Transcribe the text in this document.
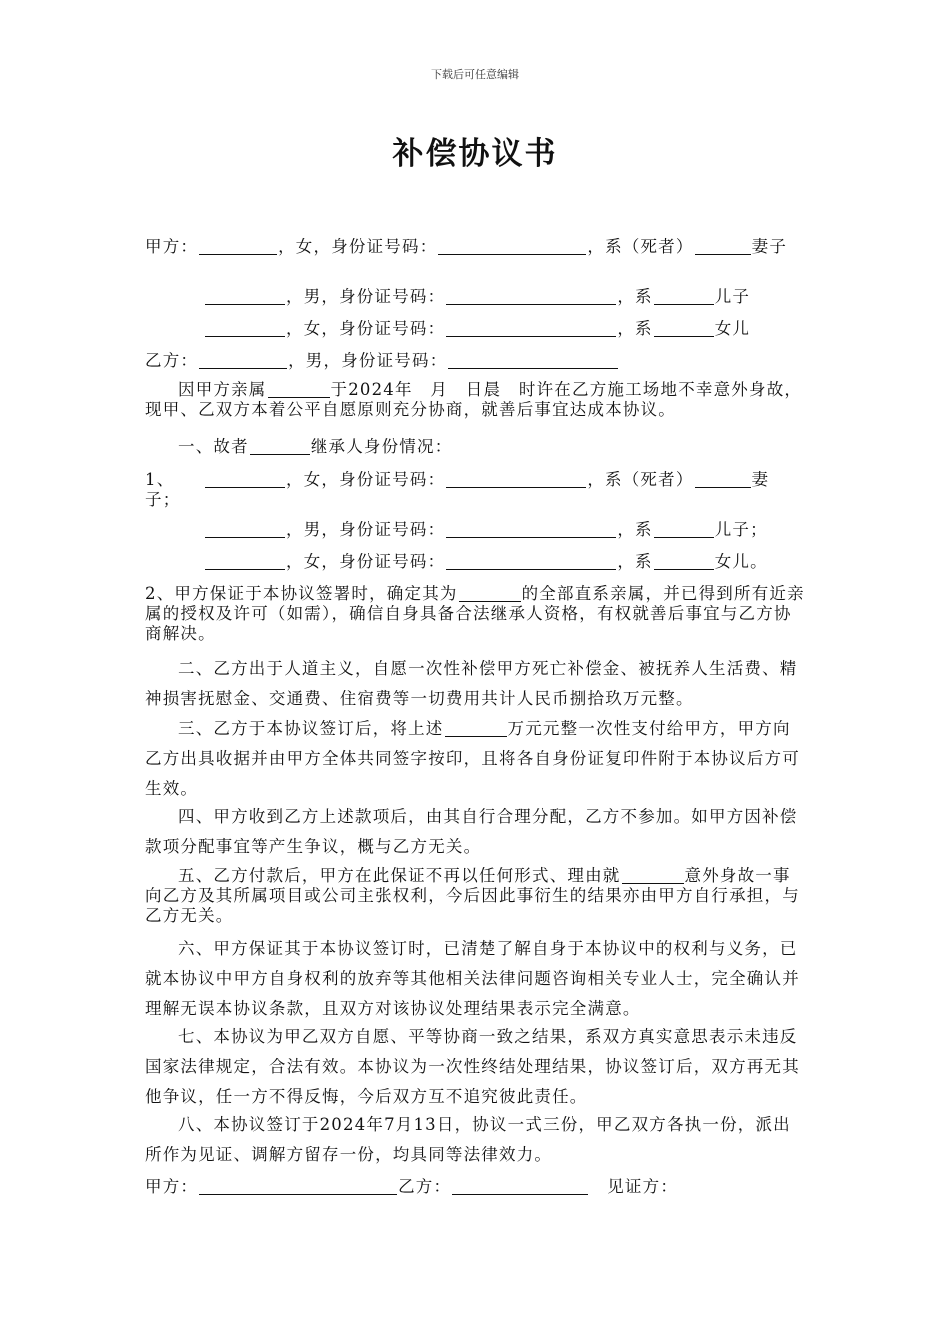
下载后可任意编辑
补偿协议书
甲方：	，女，身份证号码：	，系（死者）	妻子
，男，身份证号码：	，系	儿子
，女，身份证号码：	，系	女儿
乙方：	，男，身份证号码：
因甲方亲属	于2024年　月　日晨　时许在乙方施工场地不幸意外身故，现甲、乙双方本着公平自愿原则充分协商，就善后事宜达成本协议。
一、故者	继承人身份情况：
1、	，女，身份证号码：	，系（死者）	妻
子；
，男，身份证号码：	，系	儿子；
，女，身份证号码：	，系	女儿。
2、甲方保证于本协议签署时，确定其为	的全部直系亲属，并已得到所有近亲属的授权及许可（如需），确信自身具备合法继承人资格，有权就善后事宜与乙方协商解决。
二、乙方出于人道主义，自愿一次性补偿甲方死亡补偿金、被抚养人生活费、精神损害抚慰金、交通费、住宿费等一切费用共计人民币捌拾玖万元整。
三、乙方于本协议签订后，将上述	万元元整一次性支付给甲方，甲方向乙方出具收据并由甲方全体共同签字按印，且将各自身份证复印件附于本协议后方可生效。
四、甲方收到乙方上述款项后，由其自行合理分配，乙方不参加。如甲方因补偿款项分配事宜等产生争议，概与乙方无关。
五、乙方付款后，甲方在此保证不再以任何形式、理由就	意外身故一事向乙方及其所属项目或公司主张权利，今后因此事衍生的结果亦由甲方自行承担，与乙方无关。
六、甲方保证其于本协议签订时，已清楚了解自身于本协议中的权利与义务，已就本协议中甲方自身权利的放弃等其他相关法律问题咨询相关专业人士，完全确认并理解无误本协议条款，且双方对该协议处理结果表示完全满意。
七、本协议为甲乙双方自愿、平等协商一致之结果，系双方真实意思表示未违反国家法律规定，合法有效。本协议为一次性终结处理结果，协议签订后，双方再无其他争议，任一方不得反悔，今后双方互不追究彼此责任。
八、本协议签订于2024年7月13日，协议一式三份，甲乙双方各执一份，派出所作为见证、调解方留存一份，均具同等法律效力。
甲方：	乙方：	见证方：
